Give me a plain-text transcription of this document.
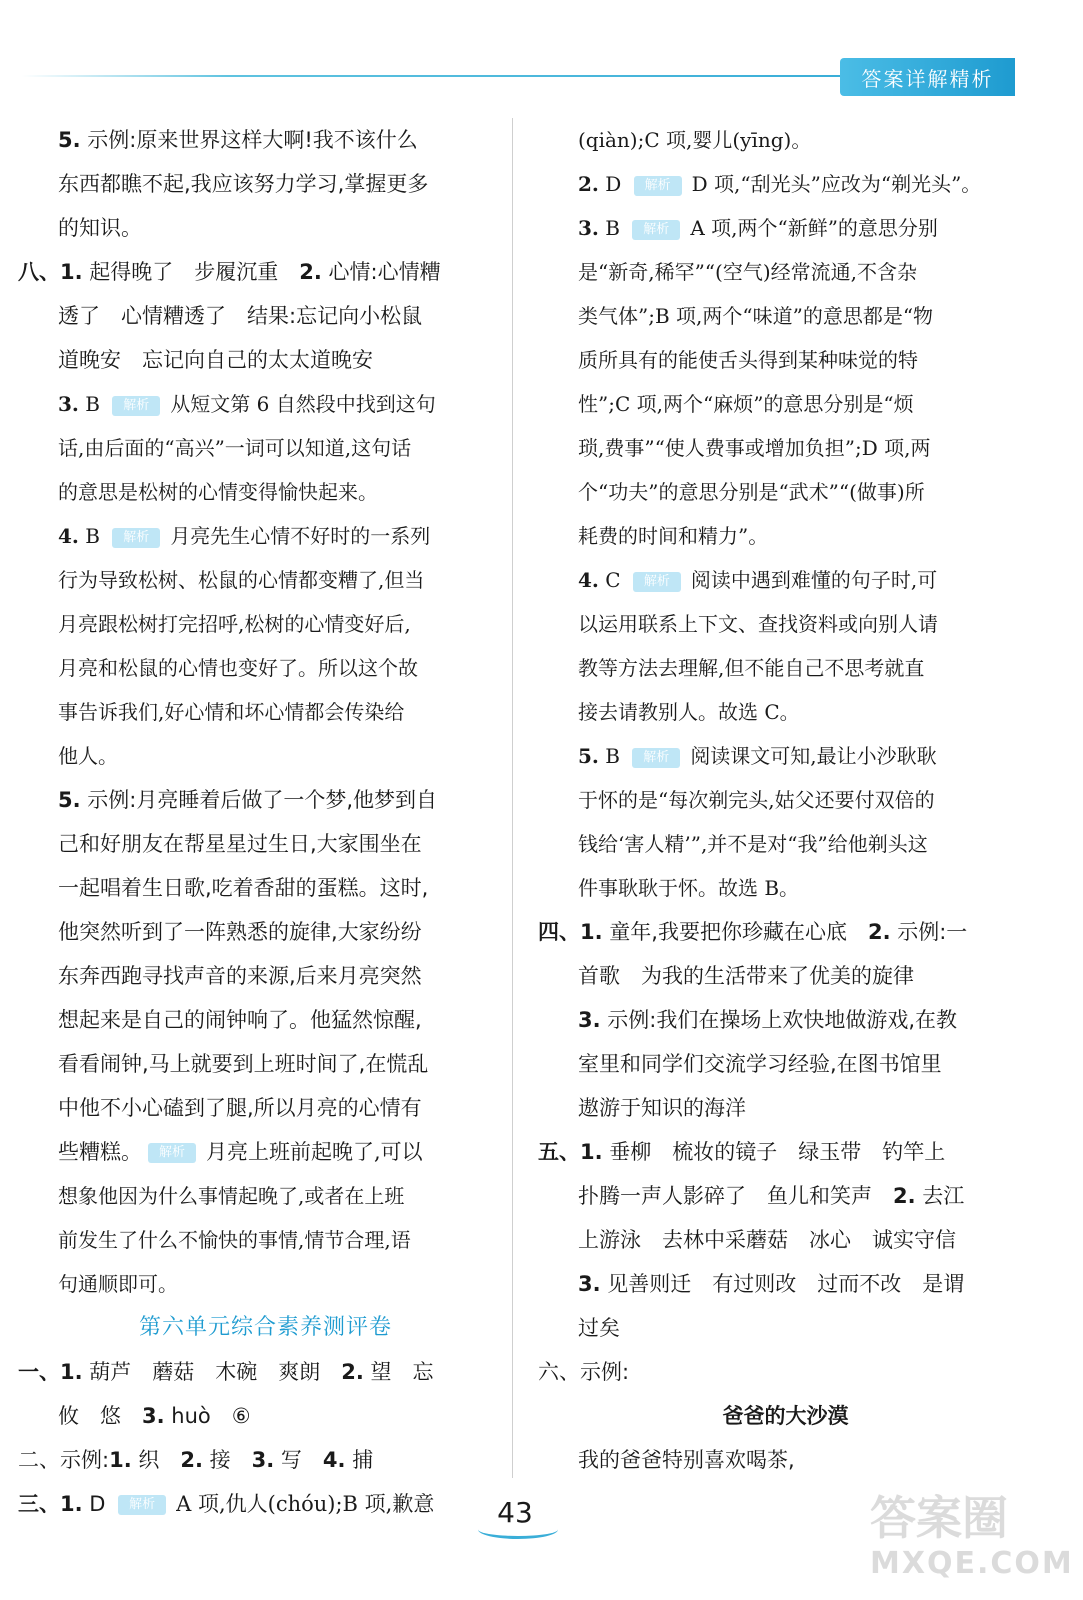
答案详解精析
5. 示例:原来世界这样大啊!我不该什么
东西都瞧不起,我应该努力学习,掌握更多
的知识。
八、1. 起得晚了　步履沉重　2. 心情:心情糟
透了　心情糟透了　结果:忘记向小松鼠
道晚安　忘记向自己的太太道晚安
3. B 解析 从短文第 6 自然段中找到这句
话,由后面的“高兴”一词可以知道,这句话
的意思是松树的心情变得愉快起来。
4. B 解析 月亮先生心情不好时的一系列
行为导致松树、松鼠的心情都变糟了,但当
月亮跟松树打完招呼,松树的心情变好后,
月亮和松鼠的心情也变好了。所以这个故
事告诉我们,好心情和坏心情都会传染给
他人。
5. 示例:月亮睡着后做了一个梦,他梦到自
己和好朋友在帮星星过生日,大家围坐在
一起唱着生日歌,吃着香甜的蛋糕。这时,
他突然听到了一阵熟悉的旋律,大家纷纷
东奔西跑寻找声音的来源,后来月亮突然
想起来是自己的闹钟响了。他猛然惊醒,
看看闹钟,马上就要到上班时间了,在慌乱
中他不小心磕到了腿,所以月亮的心情有
些糟糕。 解析 月亮上班前起晚了,可以
想象他因为什么事情起晚了,或者在上班
前发生了什么不愉快的事情,情节合理,语
句通顺即可。
第六单元综合素养测评卷
一、1. 葫芦　蘑菇　木碗　爽朗　2. 望　忘
攸　悠　3. huò　⑥
二、示例:1. 织　2. 接　3. 写　4. 捕
三、1. D 解析 A 项,仇人(chóu);B 项,歉意
(qiàn);C 项,婴儿(yīng)。
2. D 解析 D 项,“刮光头”应改为“剃光头”。
3. B 解析 A 项,两个“新鲜”的意思分别
是“新奇,稀罕”“(空气)经常流通,不含杂
类气体”;B 项,两个“味道”的意思都是“物
质所具有的能使舌头得到某种味觉的特
性”;C 项,两个“麻烦”的意思分别是“烦
琐,费事”“使人费事或增加负担”;D 项,两
个“功夫”的意思分别是“武术”“(做事)所
耗费的时间和精力”。
4. C 解析 阅读中遇到难懂的句子时,可
以运用联系上下文、查找资料或向别人请
教等方法去理解,但不能自己不思考就直
接去请教别人。故选 C。
5. B 解析 阅读课文可知,最让小沙耿耿
于怀的是“每次剃完头,姑父还要付双倍的
钱给‘害人精’”,并不是对“我”给他剃头这
件事耿耿于怀。故选 B。
四、1. 童年,我要把你珍藏在心底　2. 示例:一
首歌　为我的生活带来了优美的旋律
3. 示例:我们在操场上欢快地做游戏,在教
室里和同学们交流学习经验,在图书馆里
遨游于知识的海洋
五、1. 垂柳　梳妆的镜子　绿玉带　钓竿上
扑腾一声人影碎了　鱼儿和笑声　2. 去江
上游泳　去林中采蘑菇　冰心　诚实守信
3. 见善则迁　有过则改　过而不改　是谓
过矣
六、示例:
爸爸的大沙漠
我的爸爸特别喜欢喝茶,
43	答案圈
MXQE.COM
